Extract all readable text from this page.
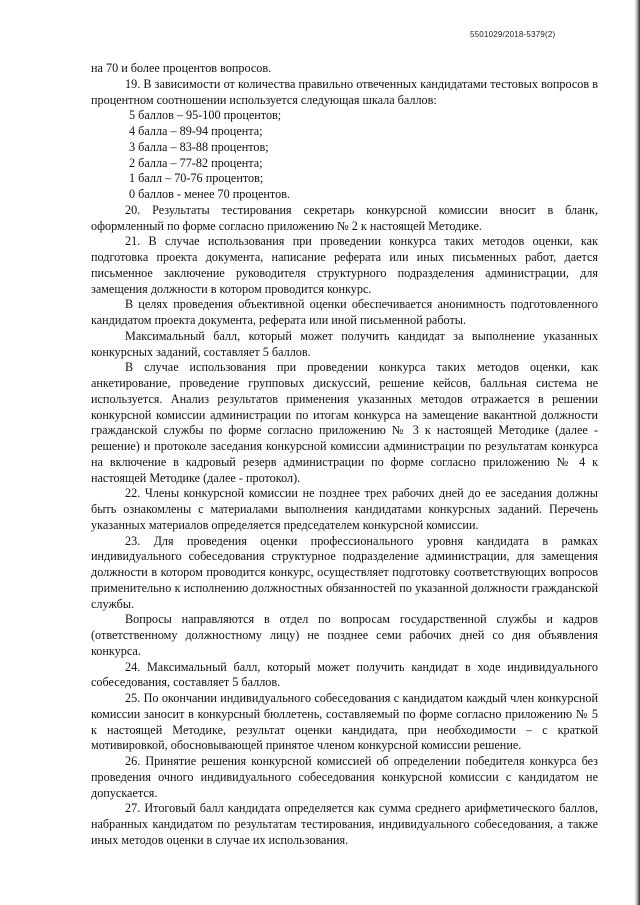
5501029/2018-5379(2)

на 70 и более процентов вопросов.

19. В зависимости от количества правильно отвеченных кандидатами тестовых вопросов в процентном соотношении используется следующая шкала баллов:

5 баллов – 95-100 процентов;

4 балла – 89-94 процента;

3 балла – 83-88 процентов;

2 балла – 77-82 процента;

1 балл – 70-76 процентов;

0 баллов - менее 70 процентов.

20. Результаты тестирования секретарь конкурсной комиссии вносит в бланк, оформленный по форме согласно приложению № 2 к настоящей Методике.

21. В случае использования при проведении конкурса таких методов оценки, как подготовка проекта документа, написание реферата или иных письменных работ, дается письменное заключение руководителя структурного подразделения администрации, для замещения должности в котором проводится конкурс.

В целях проведения объективной оценки обеспечивается анонимность подготовленного кандидатом проекта документа, реферата или иной письменной работы.

Максимальный балл, который может получить кандидат за выполнение указанных конкурсных заданий, составляет 5 баллов.

В случае использования при проведении конкурса таких методов оценки, как анкетирование, проведение групповых дискуссий, решение кейсов, балльная система не используется. Анализ результатов применения указанных методов отражается в решении конкурсной комиссии администрации по итогам конкурса на замещение вакантной должности гражданской службы по форме согласно приложению № 3 к настоящей Методике (далее - решение) и протоколе заседания конкурсной комиссии администрации по результатам конкурса на включение в кадровый резерв администрации по форме согласно приложению № 4 к настоящей Методике (далее - протокол).

22. Члены конкурсной комиссии не позднее трех рабочих дней до ее заседания должны быть ознакомлены с материалами выполнения кандидатами конкурсных заданий. Перечень указанных материалов определяется председателем конкурсной комиссии.

23. Для проведения оценки профессионального уровня кандидата в рамках индивидуального собеседования структурное подразделение администрации, для замещения должности в котором проводится конкурс, осуществляет подготовку соответствующих вопросов применительно к исполнению должностных обязанностей по указанной должности гражданской службы.

Вопросы направляются в отдел по вопросам государственной службы и кадров (ответственному должностному лицу) не позднее семи рабочих дней со дня объявления конкурса.

24. Максимальный балл, который может получить кандидат в ходе индивидуального собеседования, составляет 5 баллов.

25. По окончании индивидуального собеседования с кандидатом каждый член конкурсной комиссии заносит в конкурсный бюллетень, составляемый по форме согласно приложению № 5 к настоящей Методике, результат оценки кандидата, при необходимости – с краткой мотивировкой, обосновывающей принятое членом конкурсной комиссии решение.

26. Принятие решения конкурсной комиссией об определении победителя конкурса без проведения очного индивидуального собеседования конкурсной комиссии с кандидатом не допускается.

27. Итоговый балл кандидата определяется как сумма среднего арифметического баллов, набранных кандидатом по результатам тестирования, индивидуального собеседования, а также иных методов оценки в случае их использования.
